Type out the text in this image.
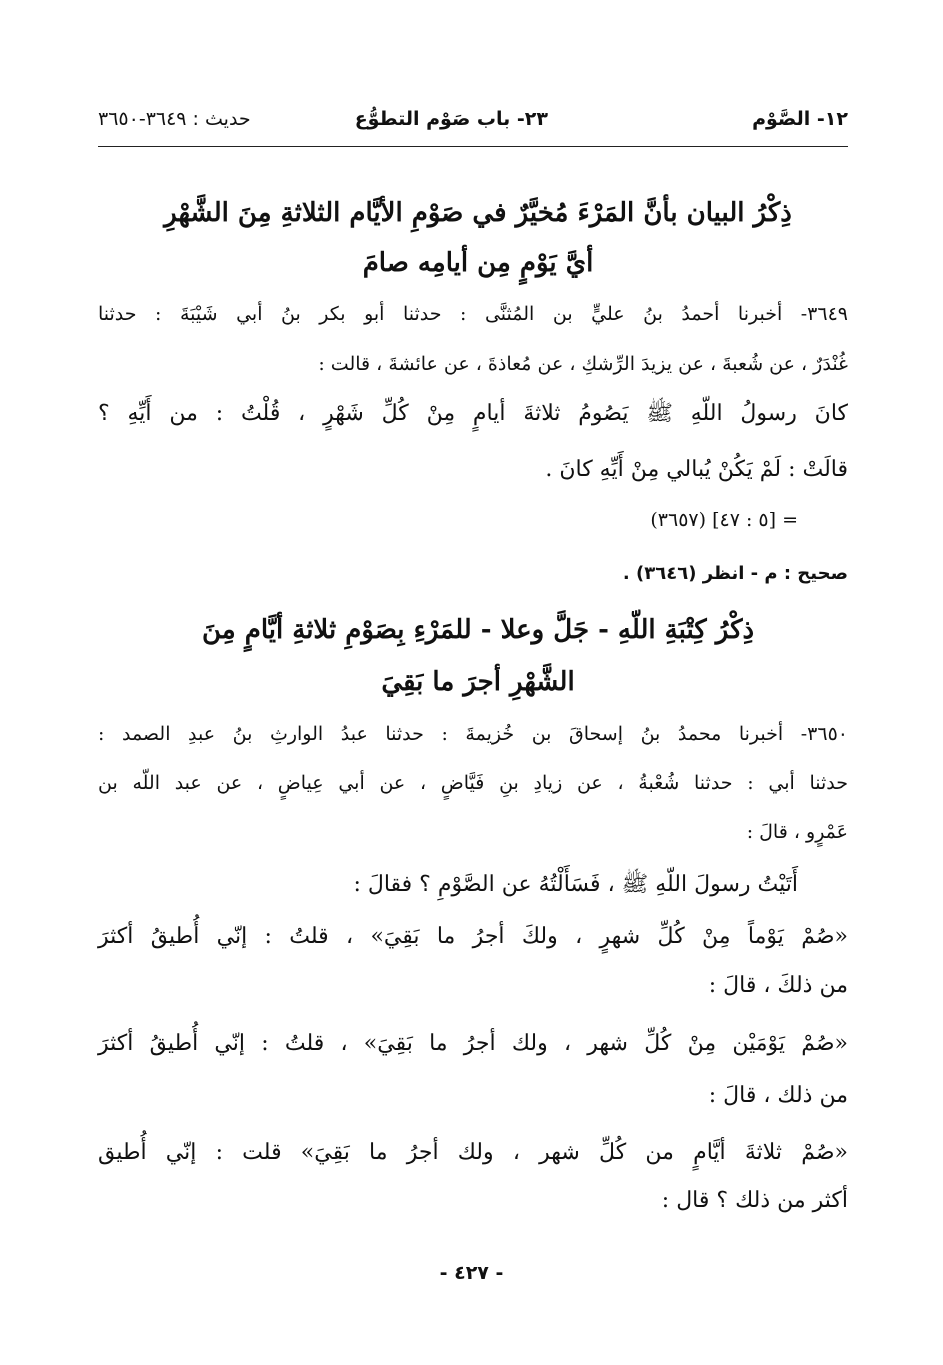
١٢- الصَّوْم
٢٣- باب صَوْم التطوُّع
حديث : ٣٦٤٩-٣٦٥٠
ذِكْرُ البيان بأنَّ المَرْءَ مُخيَّرٌ في صَوْمِ الأيَّام الثلاثةِ مِنَ الشَّهْرِ
أيَّ يَوْمٍ مِن أيامِه صامَ
٣٦٤٩- أخبرنا أحمدُ بنُ عليٍّ بن المُثنَّى : حدثنا أبو بكر بنُ أبي شَيْبَةَ : حدثنا
غُنْدَرٌ ، عن شُعبةَ ، عن يزيدَ الرِّشكِ ، عن مُعاذةَ ، عن عائشةَ ، قالت :
كانَ رسولُ اللّهِ ﷺ يَصُومُ ثلاثةَ أيامٍ مِنْ كُلِّ شَهْرٍ ، قُلْتُ : من أَيِّهِ ؟
قالَتْ : لَمْ يَكُنْ يُبالي مِنْ أَيِّهِ كانَ .
= [٥ : ٤٧] (٣٦٥٧)
صحيح : م - انظر (٣٦٤٦) .
ذِكْرُ كِتْبَةِ اللّهِ - جَلَّ وعلا - للمَرْءِ بِصَوْمِ ثلاثةِ أيَّامٍ مِنَ
الشَّهْرِ أجرَ ما بَقِيَ
٣٦٥٠- أخبرنا محمدُ بنُ إسحاقَ بن خُزيمةَ : حدثنا عبدُ الوارثِ بنُ عبدِ الصمد :
حدثنا أبي : حدثنا شُعْبةُ ، عن زيادِ بنِ فَيَّاضٍ ، عن أبي عِياضٍ ، عن عبد اللّه بن
عَمْرٍو ، قالَ :
أَتَيْتُ رسولَ اللّهِ ﷺ ، فَسَأَلْتُهُ عن الصَّوْمِ ؟ فقالَ :
«صُمْ يَوْماً مِنْ كُلِّ شهرٍ ، ولكَ أجرُ ما بَقِيَ» ، قلتُ : إنّي أُطيقُ أكثرَ
من ذلكَ ، قالَ :
«صُمْ يَوْمَيْن مِنْ كُلِّ شهر ، ولك أجرُ ما بَقِيَ» ، قلتُ : إنّي أُطيقُ أكثرَ
من ذلك ، قالَ :
«صُمْ ثلاثةَ أيَّامٍ من كُلِّ شهر ، ولك أجرُ ما بَقِيَ» قلت : إنّي أُطيق
أكثر من ذلك ؟ قال :
- ٤٢٧ -
